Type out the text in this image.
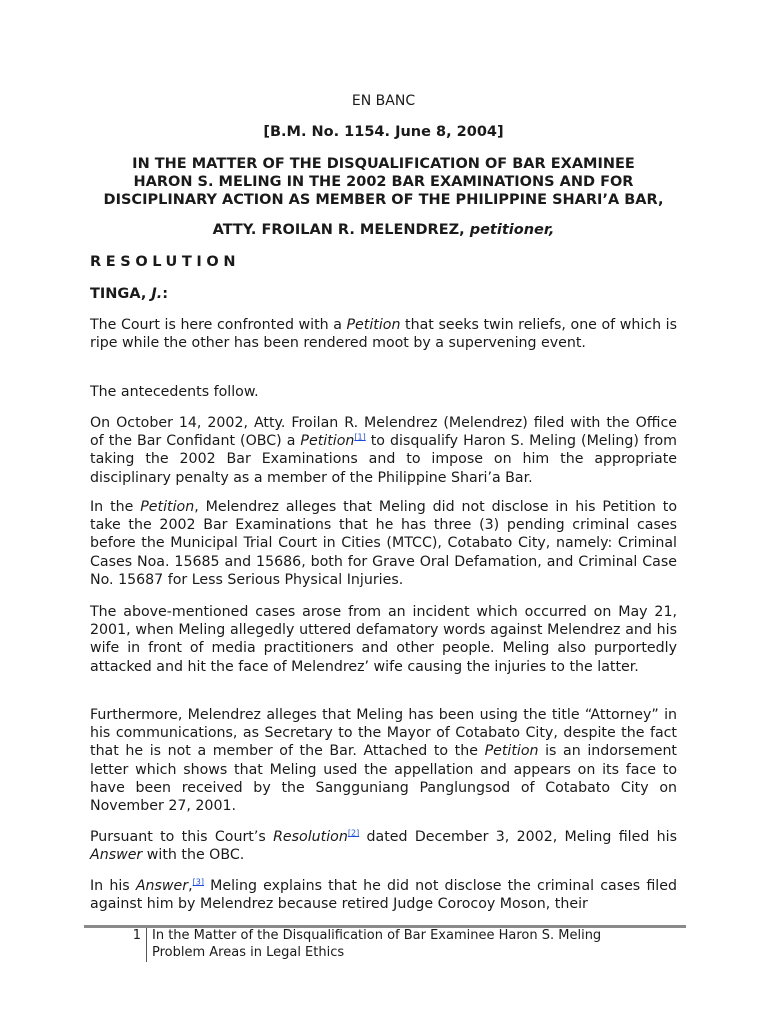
EN BANC
[B.M. No. 1154. June 8, 2004]
IN THE MATTER OF THE DISQUALIFICATION OF BAR EXAMINEE
HARON S. MELING IN THE 2002 BAR EXAMINATIONS AND FOR
DISCIPLINARY ACTION AS MEMBER OF THE PHILIPPINE SHARI’A BAR,
ATTY. FROILAN R. MELENDREZ, petitioner,
RESOLUTION
TINGA, J.:
The Court is here confronted with a Petition that seeks twin reliefs, one of which is ripe while the other has been rendered moot by a supervening event.
The antecedents follow.
On October 14, 2002, Atty. Froilan R. Melendrez (Melendrez) filed with the Office of the Bar Confidant (OBC) a Petition[1] to disqualify Haron S. Meling (Meling) from taking the 2002 Bar Examinations and to impose on him the appropriate disciplinary penalty as a member of the Philippine Shari’a Bar.
In the Petition, Melendrez alleges that Meling did not disclose in his Petition to take the 2002 Bar Examinations that he has three (3) pending criminal cases before the Municipal Trial Court in Cities (MTCC), Cotabato City, namely: Criminal Cases Noa. 15685 and 15686, both for Grave Oral Defamation, and Criminal Case No. 15687 for Less Serious Physical Injuries.
The above-mentioned cases arose from an incident which occurred on May 21, 2001, when Meling allegedly uttered defamatory words against Melendrez and his wife in front of media practitioners and other people. Meling also purportedly attacked and hit the face of Melendrez’ wife causing the injuries to the latter.
Furthermore, Melendrez alleges that Meling has been using the title “Attorney” in his communications, as Secretary to the Mayor of Cotabato City, despite the fact that he is not a member of the Bar. Attached to the Petition is an indorsement letter which shows that Meling used the appellation and appears on its face to have been received by the Sangguniang Panglungsod of Cotabato City on November 27, 2001.
Pursuant to this Court’s Resolution[2] dated December 3, 2002, Meling filed his Answer with the OBC.
In his Answer,[3] Meling explains that he did not disclose the criminal cases filed against him by Melendrez because retired Judge Corocoy Moson, their
1 In the Matter of the Disqualification of Bar Examinee Haron S. Meling
Problem Areas in Legal Ethics
